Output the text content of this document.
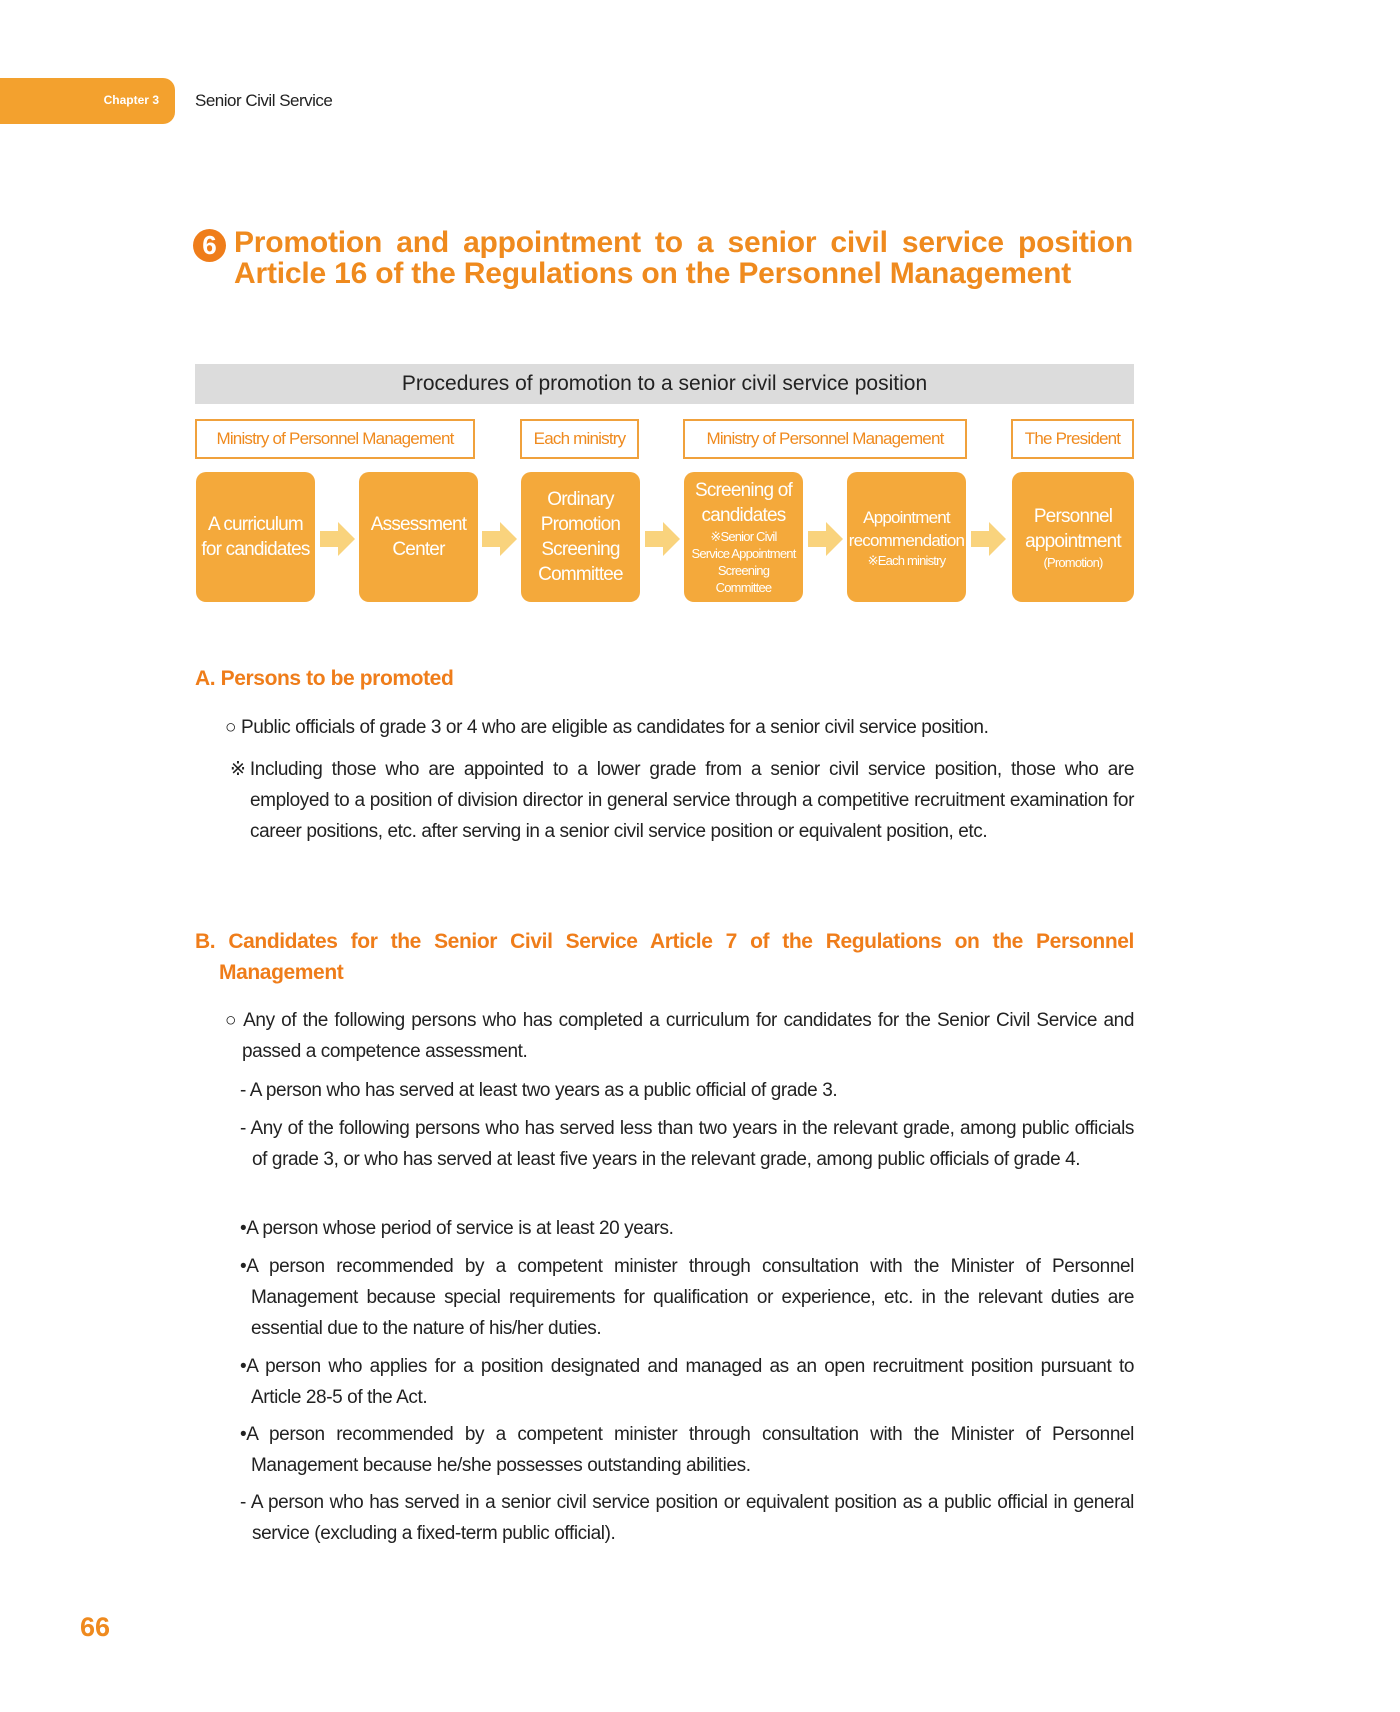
Chapter 3 Senior Civil Service
6 Promotion and appointment to a senior civil service position
Article 16 of the Regulations on the Personnel Management
Procedures of promotion to a senior civil service position
Ministry of Personnel Management	Each ministry	Ministry of Personnel Management	The President
A curriculum
for candidates
Assessment
Center
Ordinary
Promotion
Screening
Committee
Screening of
candidates
※Senior Civil
Service Appointment
Screening
Committee
Appointment
recommendation
※Each ministry
Personnel
appointment
(Promotion)
A. Persons to be promoted
○ Public officials of grade 3 or 4 who are eligible as candidates for a senior civil service position.
※Including those who are appointed to a lower grade from a senior civil service position, those who are employed to a position of division director in general service through a competitive recruitment examination for career positions, etc. after serving in a senior civil service position or equivalent position, etc.
B. Candidates for the Senior Civil Service Article 7 of the Regulations on the Personnel Management
○ Any of the following persons who has completed a curriculum for candidates for the Senior Civil Service and passed a competence assessment.
- A person who has served at least two years as a public official of grade 3.
- Any of the following persons who has served less than two years in the relevant grade, among public officials of grade 3, or who has served at least five years in the relevant grade, among public officials of grade 4.
•A person whose period of service is at least 20 years.
•A person recommended by a competent minister through consultation with the Minister of Personnel Management because special requirements for qualification or experience, etc. in the relevant duties are essential due to the nature of his/her duties.
•A person who applies for a position designated and managed as an open recruitment position pursuant to Article 28-5 of the Act.
•A person recommended by a competent minister through consultation with the Minister of Personnel Management because he/she possesses outstanding abilities.
- A person who has served in a senior civil service position or equivalent position as a public official in general service (excluding a fixed-term public official).
66
